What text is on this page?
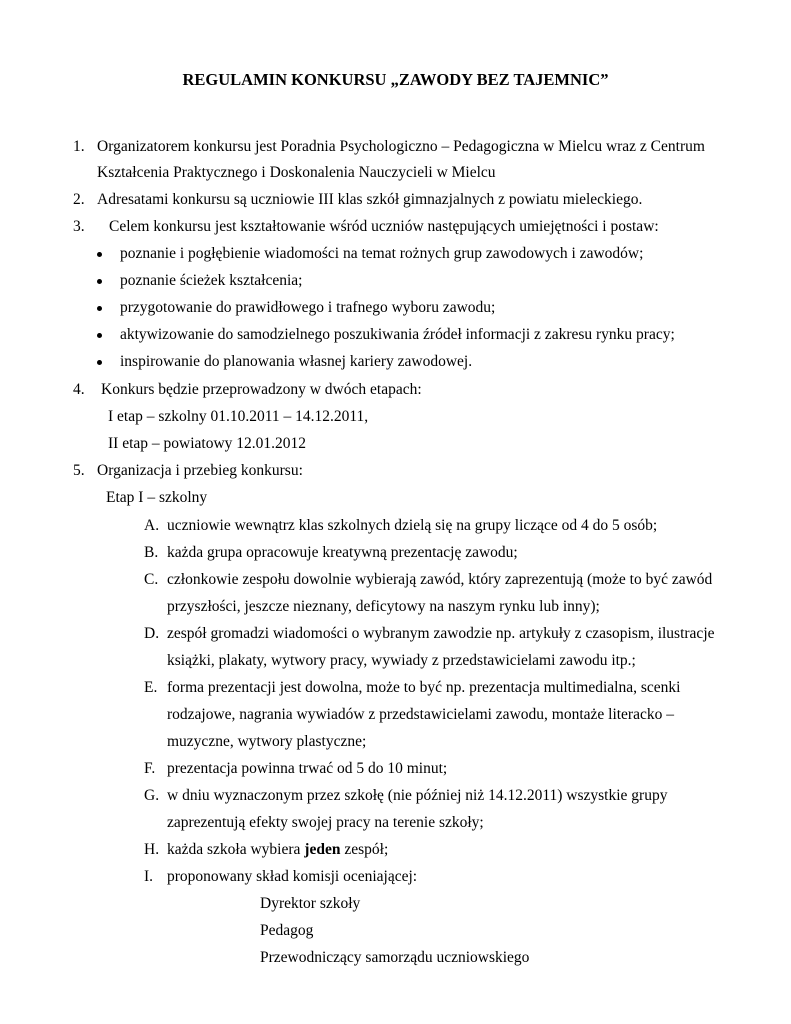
REGULAMIN KONKURSU „ZAWODY BEZ TAJEMNIC”
1. Organizatorem konkursu jest Poradnia Psychologiczno – Pedagogiczna w Mielcu wraz z Centrum
Kształcenia Praktycznego i Doskonalenia Nauczycieli w Mielcu
2. Adresatami konkursu są uczniowie III klas szkół gimnazjalnych z powiatu mieleckiego.
3. Celem konkursu jest kształtowanie wśród uczniów następujących umiejętności i postaw:
poznanie i pogłębienie wiadomości na temat rożnych grup zawodowych i zawodów;
poznanie ścieżek kształcenia;
przygotowanie do prawidłowego i trafnego wyboru zawodu;
aktywizowanie do samodzielnego poszukiwania źródeł informacji z zakresu rynku pracy;
inspirowanie do planowania własnej kariery zawodowej.
4. Konkurs będzie przeprowadzony w dwóch etapach:
I etap – szkolny 01.10.2011 – 14.12.2011,
II etap – powiatowy 12.01.2012
5. Organizacja i przebieg konkursu:
Etap I – szkolny
A. uczniowie wewnątrz klas szkolnych dzielą się na grupy liczące od 4 do 5 osób;
B. każda grupa opracowuje kreatywną prezentację zawodu;
C. członkowie zespołu dowolnie wybierają zawód, który zaprezentują (może to być zawód
przyszłości, jeszcze nieznany, deficytowy na naszym rynku lub inny);
D. zespół gromadzi wiadomości o wybranym zawodzie np. artykuły z czasopism, ilustracje
książki, plakaty, wytwory pracy, wywiady z przedstawicielami zawodu itp.;
E. forma prezentacji jest dowolna, może to być np. prezentacja multimedialna, scenki
rodzajowe, nagrania wywiadów z przedstawicielami zawodu, montaże literacko –
muzyczne, wytwory plastyczne;
F. prezentacja powinna trwać od 5 do 10 minut;
G. w dniu wyznaczonym przez szkołę (nie później niż 14.12.2011) wszystkie grupy
zaprezentują efekty swojej pracy na terenie szkoły;
H. każda szkoła wybiera jeden zespół;
I. proponowany skład komisji oceniającej:
Dyrektor szkoły
Pedagog
Przewodniczący samorządu uczniowskiego
